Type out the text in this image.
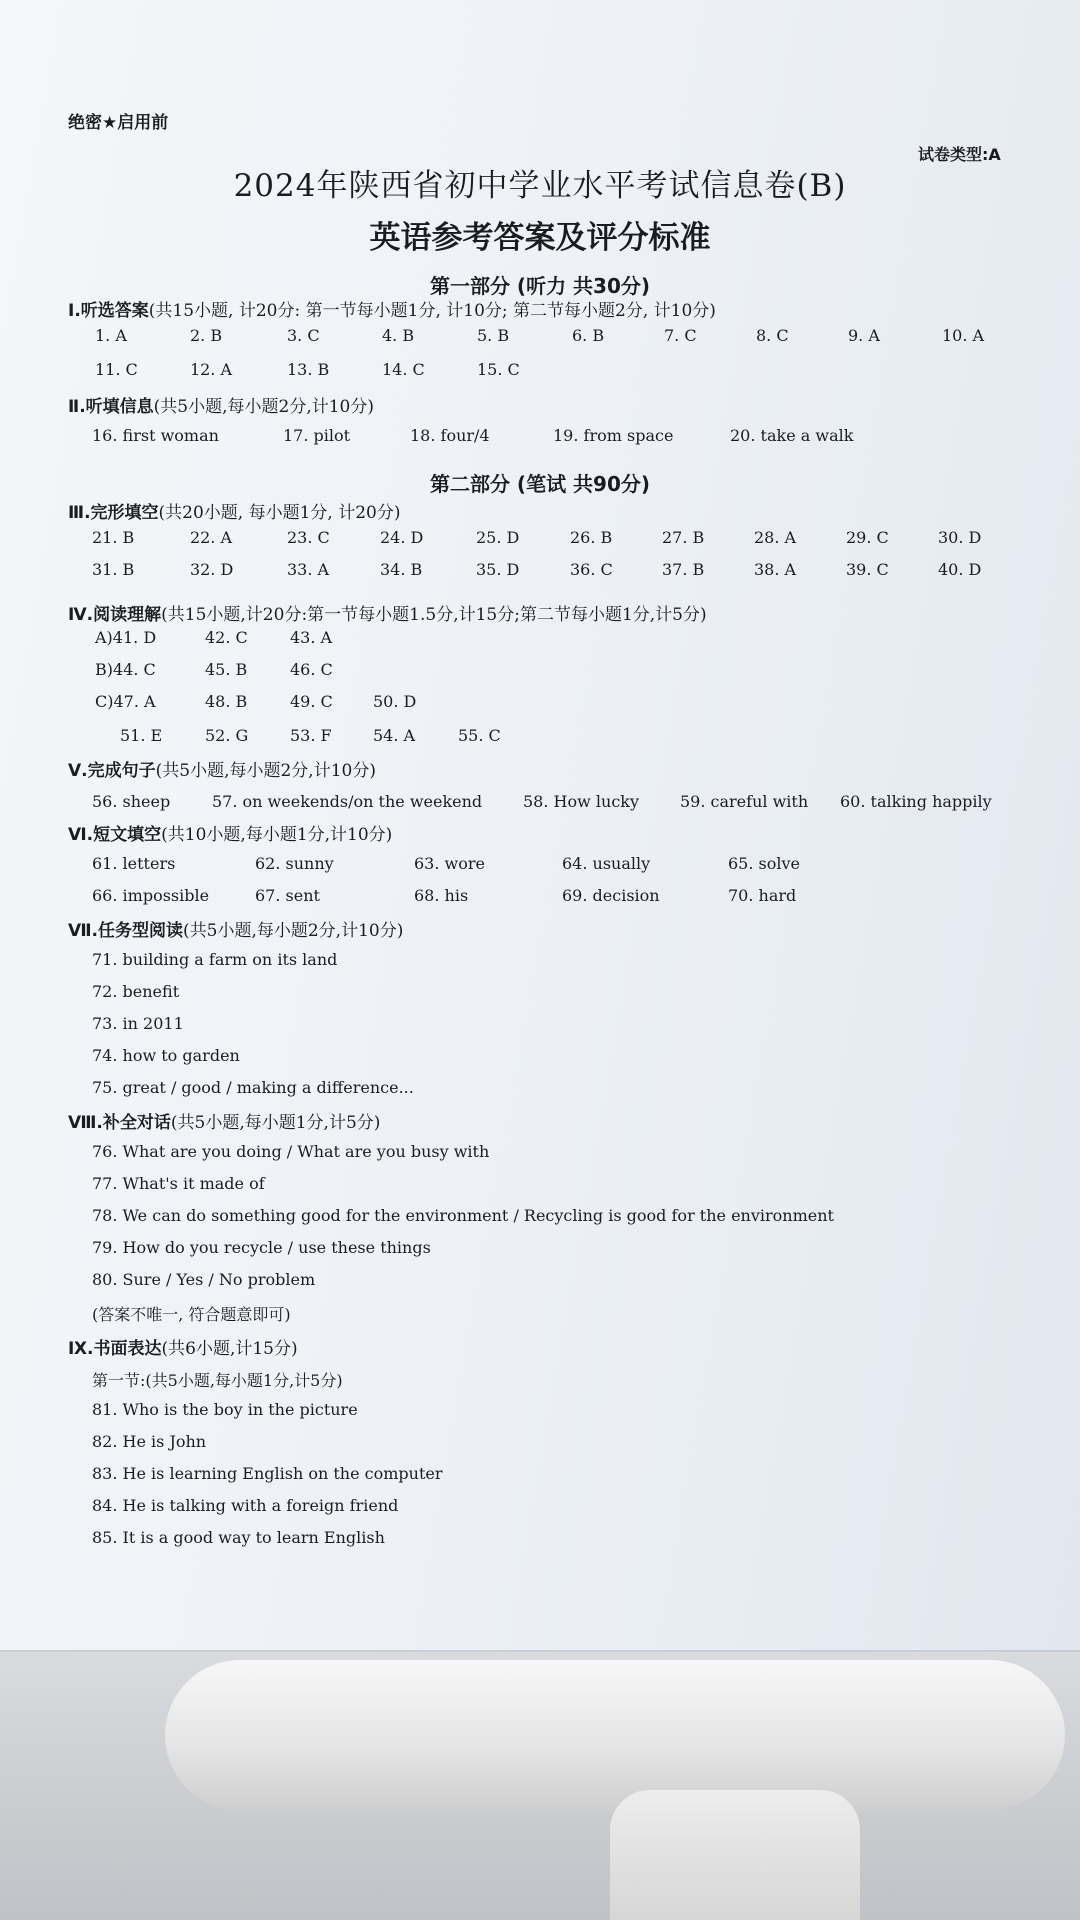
绝密★启用前
试卷类型:A
2024年陕西省初中学业水平考试信息卷(B)
英语参考答案及评分标准
第一部分 (听力 共30分)
Ⅰ.听选答案(共15小题, 计20分: 第一节每小题1分, 计10分; 第二节每小题2分, 计10分)
1. A	2. B	3. C	4. B	5. B	6. B	7. C	8. C	9. A	10. A
11. C	12. A	13. B	14. C	15. C
Ⅱ.听填信息(共5小题,每小题2分,计10分)
16. first woman	17. pilot	18. four/4	19. from space	20. take a walk
第二部分 (笔试 共90分)
Ⅲ.完形填空(共20小题, 每小题1分, 计20分)
21. B	22. A	23. C	24. D	25. D	26. B	27. B	28. A	29. C	30. D
31. B	32. D	33. A	34. B	35. D	36. C	37. B	38. A	39. C	40. D
Ⅳ.阅读理解(共15小题,计20分:第一节每小题1.5分,计15分;第二节每小题1分,计5分)
A)41. D	42. C	43. A
B)44. C	45. B	46. C
C)47. A	48. B	49. C	50. D
51. E	52. G	53. F	54. A	55. C
Ⅴ.完成句子(共5小题,每小题2分,计10分)
56. sheep	57. on weekends/on the weekend	58. How lucky	59. careful with 60. talking happily
Ⅵ.短文填空(共10小题,每小题1分,计10分)
61. letters	62. sunny	63. wore	64. usually	65. solve
66. impossible	67. sent	68. his	69. decision	70. hard
Ⅶ.任务型阅读(共5小题,每小题2分,计10分)
71. building a farm on its land
72. benefit
73. in 2011
74. how to garden
75. great / good / making a difference...
Ⅷ.补全对话(共5小题,每小题1分,计5分)
76. What are you doing / What are you busy with
77. What's it made of
78. We can do something good for the environment / Recycling is good for the environment
79. How do you recycle / use these things
80. Sure / Yes / No problem
(答案不唯一, 符合题意即可)
Ⅸ.书面表达(共6小题,计15分)
第一节:(共5小题,每小题1分,计5分)
81. Who is the boy in the picture
82. He is John
83. He is learning English on the computer
84. He is talking with a foreign friend
85. It is a good way to learn English
